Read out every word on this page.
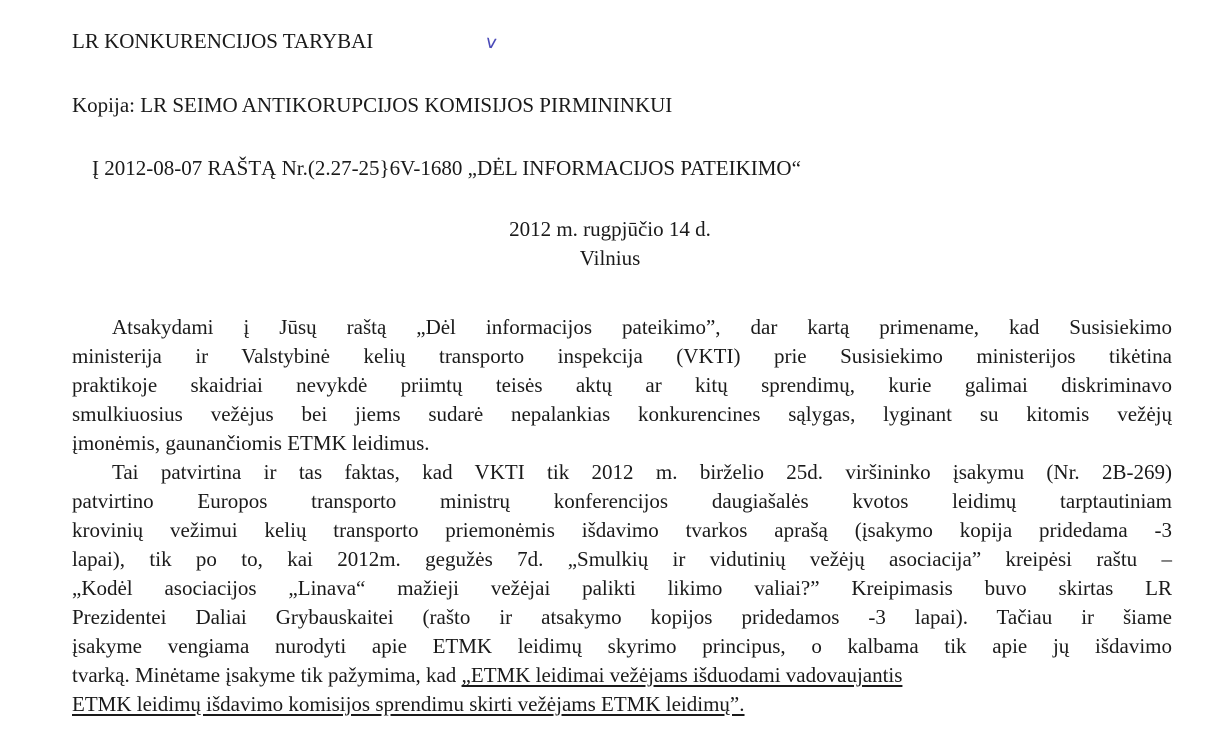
LR KONKURENCIJOS TARYBAI	v
Kopija: LR SEIMO ANTIKORUPCIJOS KOMISIJOS PIRMININKUI
Į 2012-08-07 RAŠTĄ Nr.(2.27-25}6V-1680 „DĖL INFORMACIJOS PATEIKIMO“
2012 m. rugpjūčio 14 d.
Vilnius
Atsakydami į Jūsų raštą „Dėl informacijos pateikimo”, dar kartą primename, kad Susisiekimo
ministerija ir Valstybinė kelių transporto inspekcija (VKTI) prie Susisiekimo ministerijos tikėtina
praktikoje skaidriai nevykdė priimtų teisės aktų ar kitų sprendimų, kurie galimai diskriminavo
smulkiuosius vežėjus bei jiems sudarė nepalankias konkurencines sąlygas, lyginant su kitomis vežėjų
įmonėmis, gaunančiomis ETMK leidimus.
Tai patvirtina ir tas faktas, kad VKTI tik 2012 m. birželio 25d. viršininko įsakymu (Nr. 2B-269)
patvirtino Europos transporto ministrų konferencijos daugiašalės kvotos leidimų tarptautiniam
krovinių vežimui kelių transporto priemonėmis išdavimo tvarkos aprašą (įsakymo kopija pridedama -3
lapai), tik po to, kai 2012m. gegužės 7d. „Smulkių ir vidutinių vežėjų asociacija” kreipėsi raštu –
„Kodėl asociacijos „Linava“ mažieji vežėjai palikti likimo valiai?” Kreipimasis buvo skirtas LR
Prezidentei Daliai Grybauskaitei (rašto ir atsakymo kopijos pridedamos -3 lapai). Tačiau ir šiame
įsakyme vengiama nurodyti apie ETMK leidimų skyrimo principus, o kalbama tik apie jų išdavimo
tvarką. Minėtame įsakyme tik pažymima, kad „ETMK leidimai vežėjams išduodami vadovaujantis
ETMK leidimų išdavimo komisijos sprendimu skirti vežėjams ETMK leidimų”.
